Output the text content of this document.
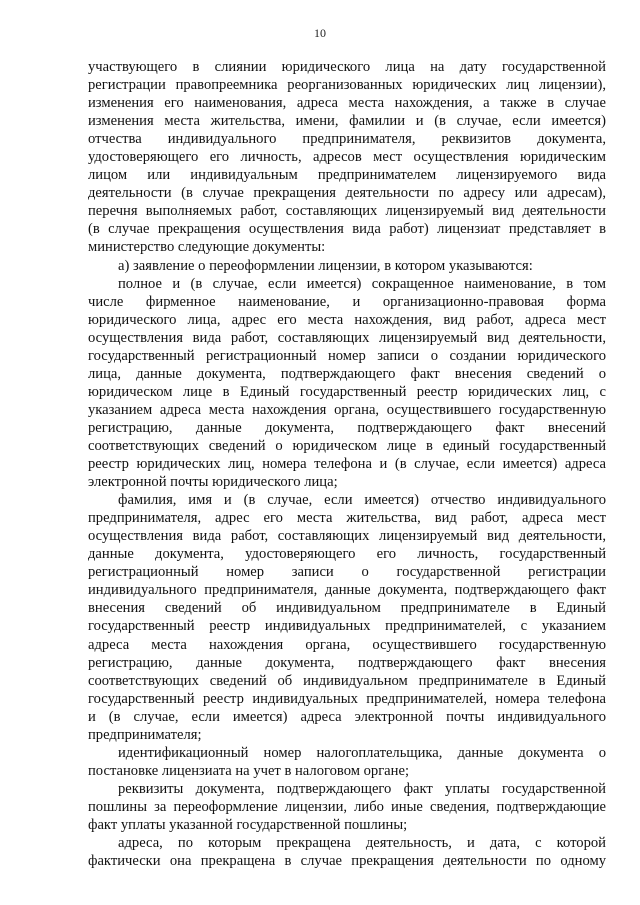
10
участвующего в слиянии юридического лица на дату государственной
регистрации правопреемника реорганизованных юридических лиц лицензии),
изменения его наименования, адреса места нахождения, а также в случае
изменения места жительства, имени, фамилии и (в случае, если имеется)
отчества индивидуального предпринимателя, реквизитов документа,
удостоверяющего его личность, адресов мест осуществления юридическим
лицом или индивидуальным предпринимателем лицензируемого вида
деятельности (в случае прекращения деятельности по адресу или адресам),
перечня выполняемых работ, составляющих лицензируемый вид деятельности
(в случае прекращения осуществления вида работ) лицензиат представляет в
министерство следующие документы:
а) заявление о переоформлении лицензии, в котором указываются:
полное и (в случае, если имеется) сокращенное наименование, в том
числе фирменное наименование, и организационно-правовая форма
юридического лица, адрес его места нахождения, вид работ, адреса мест
осуществления вида работ, составляющих лицензируемый вид деятельности,
государственный регистрационный номер записи о создании юридического
лица, данные документа, подтверждающего факт внесения сведений о
юридическом лице в Единый государственный реестр юридических лиц, с
указанием адреса места нахождения органа, осуществившего государственную
регистрацию, данные документа, подтверждающего факт внесений
соответствующих сведений о юридическом лице в единый государственный
реестр юридических лиц, номера телефона и (в случае, если имеется) адреса
электронной почты юридического лица;
фамилия, имя и (в случае, если имеется) отчество индивидуального
предпринимателя, адрес его места жительства, вид работ, адреса мест
осуществления вида работ, составляющих лицензируемый вид деятельности,
данные документа, удостоверяющего его личность, государственный
регистрационный номер записи о государственной регистрации
индивидуального предпринимателя, данные документа, подтверждающего факт
внесения сведений об индивидуальном предпринимателе в Единый
государственный реестр индивидуальных предпринимателей, с указанием
адреса места нахождения органа, осуществившего государственную
регистрацию, данные документа, подтверждающего факт внесения
соответствующих сведений об индивидуальном предпринимателе в Единый
государственный реестр индивидуальных предпринимателей, номера телефона
и (в случае, если имеется) адреса электронной почты индивидуального
предпринимателя;
идентификационный номер налогоплательщика, данные документа о
постановке лицензиата на учет в налоговом органе;
реквизиты документа, подтверждающего факт уплаты государственной
пошлины за переоформление лицензии, либо иные сведения, подтверждающие
факт уплаты указанной государственной пошлины;
адреса, по которым прекращена деятельность, и дата, с которой
фактически она прекращена в случае прекращения деятельности по одному
